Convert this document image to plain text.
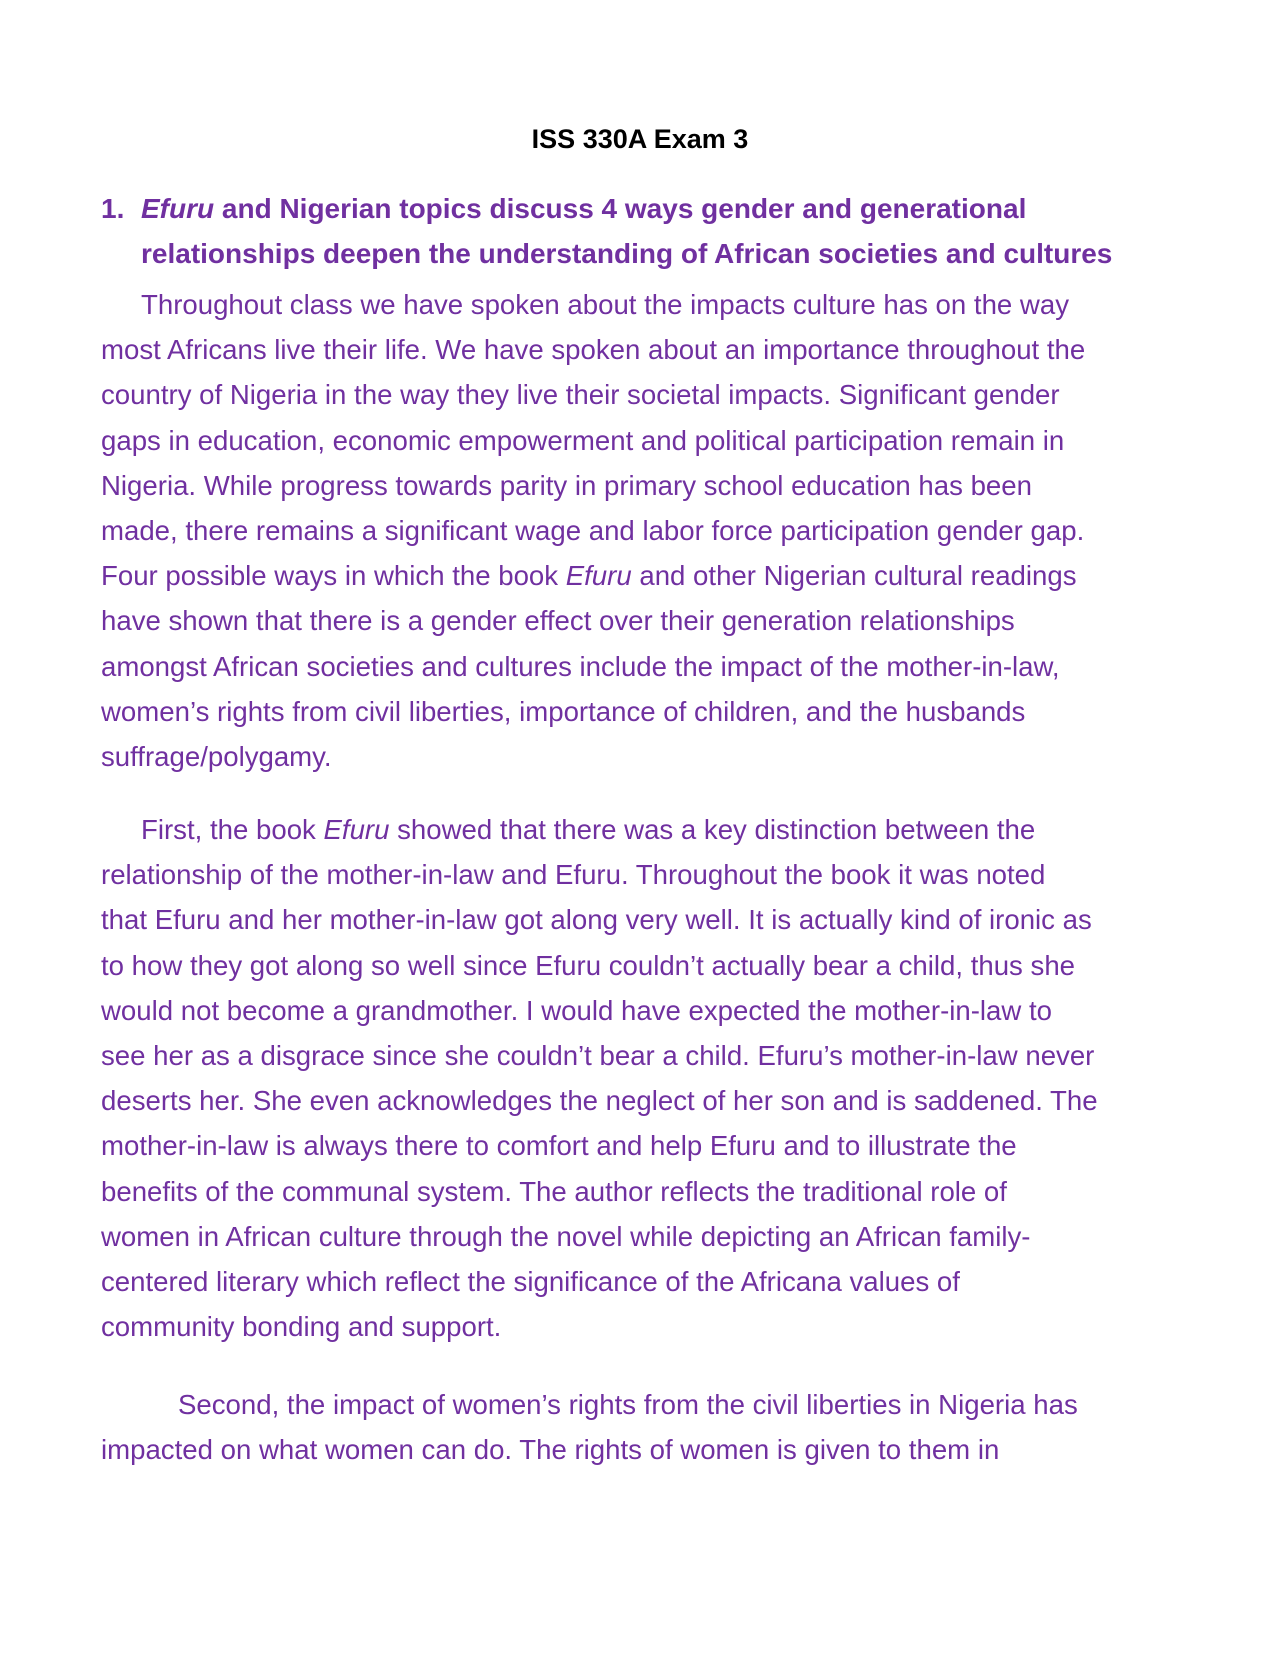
ISS 330A Exam 3
1. Efuru and Nigerian topics discuss 4 ways gender and generational
relationships deepen the understanding of African societies and cultures
Throughout class we have spoken about the impacts culture has on the way
most Africans live their life. We have spoken about an importance throughout the
country of Nigeria in the way they live their societal impacts. Significant gender
gaps in education, economic empowerment and political participation remain in
Nigeria. While progress towards parity in primary school education has been
made, there remains a significant wage and labor force participation gender gap.
Four possible ways in which the book Efuru and other Nigerian cultural readings
have shown that there is a gender effect over their generation relationships
amongst African societies and cultures include the impact of the mother-in-law,
women’s rights from civil liberties, importance of children, and the husbands
suffrage/polygamy.
First, the book Efuru showed that there was a key distinction between the
relationship of the mother-in-law and Efuru. Throughout the book it was noted
that Efuru and her mother-in-law got along very well. It is actually kind of ironic as
to how they got along so well since Efuru couldn’t actually bear a child, thus she
would not become a grandmother. I would have expected the mother-in-law to
see her as a disgrace since she couldn’t bear a child. Efuru’s mother-in-law never
deserts her. She even acknowledges the neglect of her son and is saddened. The
mother-in-law is always there to comfort and help Efuru and to illustrate the
benefits of the communal system. The author reflects the traditional role of
women in African culture through the novel while depicting an African family-
centered literary which reflect the significance of the Africana values of
community bonding and support.
Second, the impact of women’s rights from the civil liberties in Nigeria has
impacted on what women can do. The rights of women is given to them in
